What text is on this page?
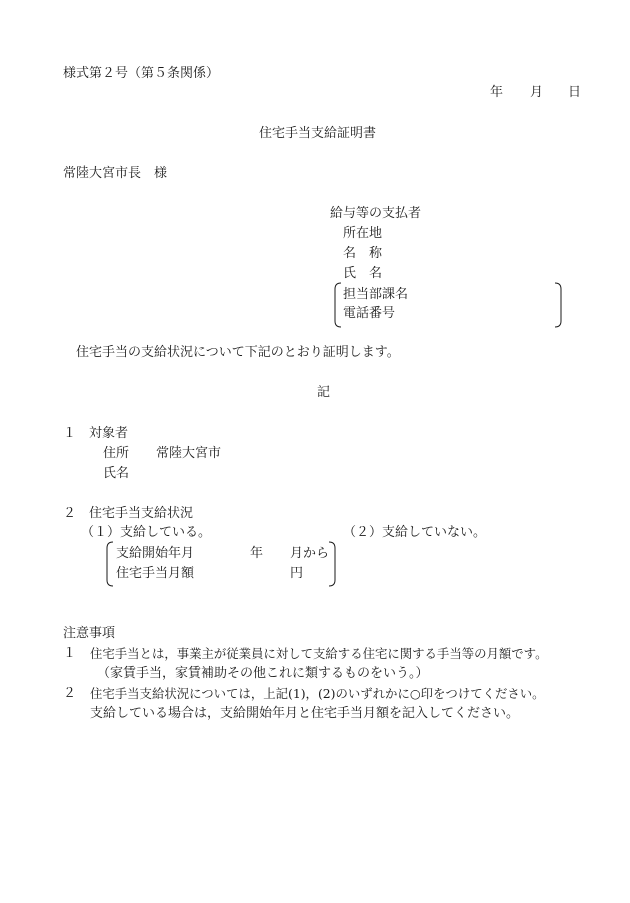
様式第２号（第５条関係）
年 月 日
住宅手当支給証明書
常陸大宮市長　様
給与等の支払者
所在地
名　称
氏　名
担当部課名
電話番号
住宅手当の支給状況について下記のとおり証明します。
記
１　対象者
住所 常陸大宮市
氏名
２　住宅手当支給状況
（１）支給している。	（２）支給していない。
支給開始年月	年 月から
住宅手当月額	円
注意事項
１ 住宅手当とは，事業主が従業員に対して支給する住宅に関する手当等の月額です。
（家賃手当，家賃補助その他これに類するものをいう。）
２ 住宅手当支給状況については，上記(1)，(2)のいずれかに○印をつけてください。
支給している場合は，支給開始年月と住宅手当月額を記入してください。
